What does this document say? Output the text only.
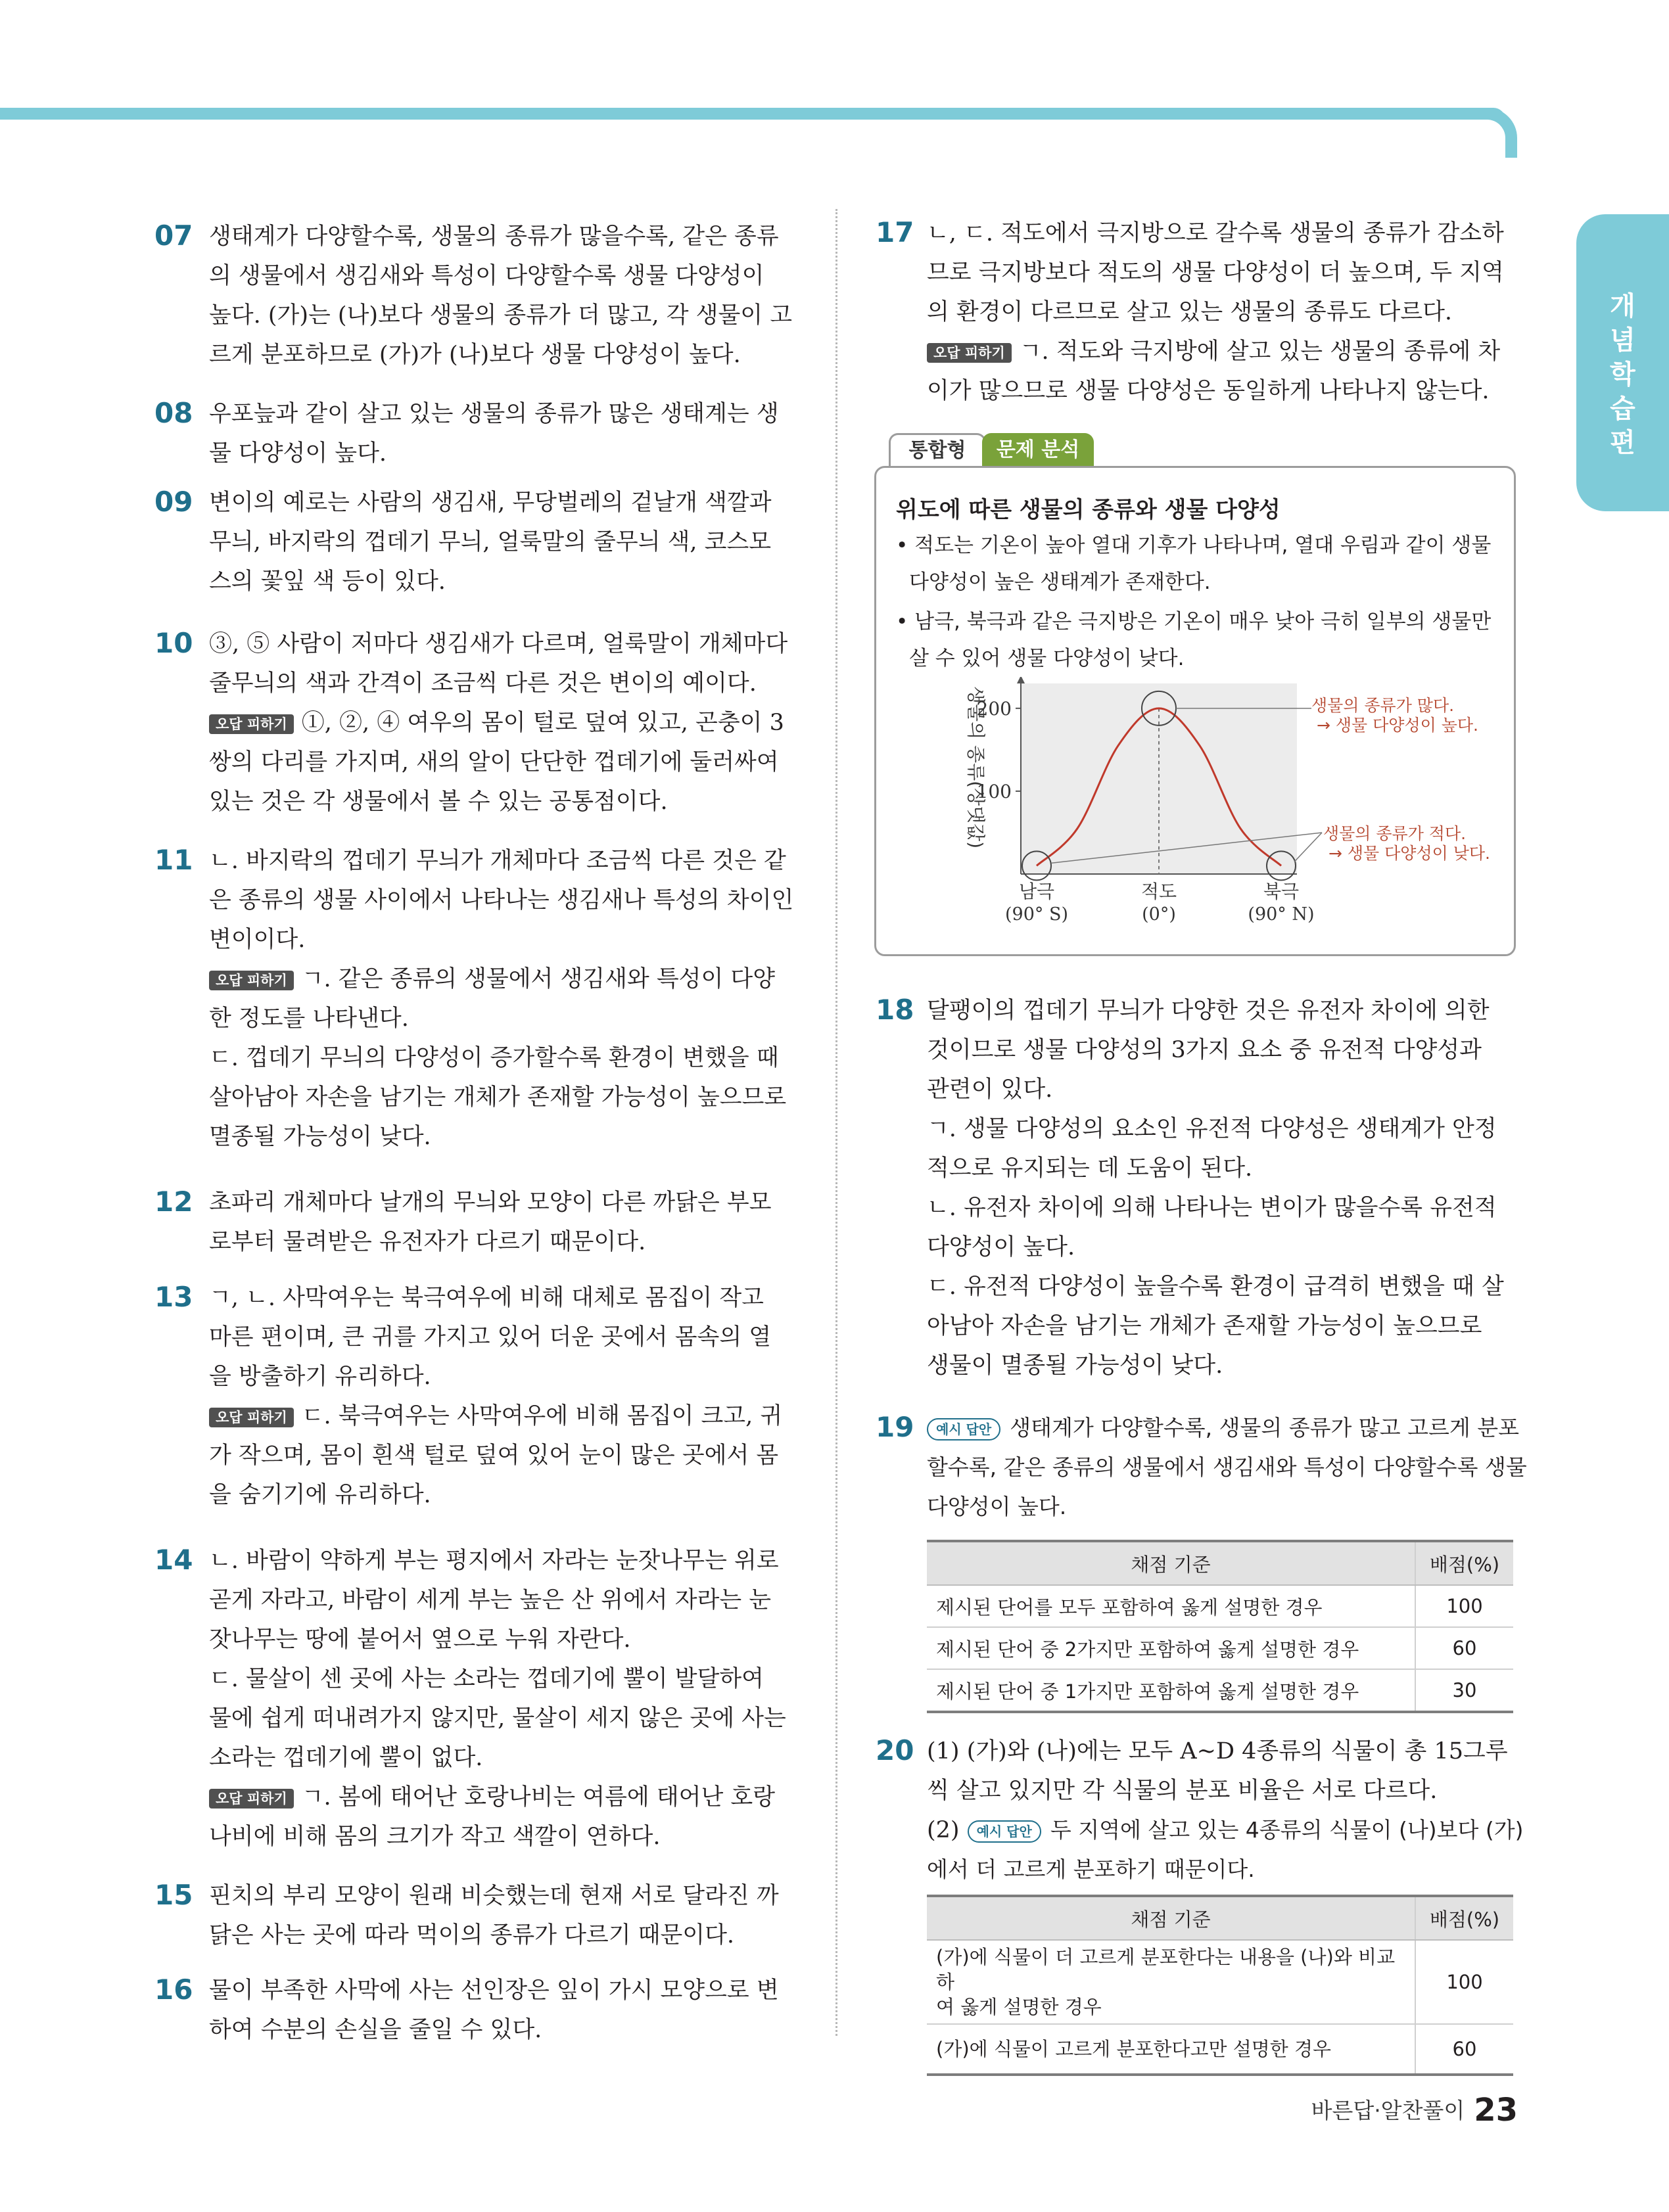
개
념
학
습
편
통합형	문제 분석
위도에 따른 생물의 종류와 생물 다양성
• 적도는 기온이 높아 열대 기후가 나타나며, 열대 우림과 같이 생물
다양성이 높은 생태계가 존재한다.
• 남극, 북극과 같은 극지방은 기온이 매우 낮아 극히 일부의 생물만
살 수 있어 생물 다양성이 낮다.
200
100
생물의 종류(상댓값)	생물의 종류가 많다.
→ 생물 다양성이 높다.
생물의 종류가 적다.
→ 생물 다양성이 낮다.
남극
(90° S)
적도
(0°)
북극
(90° N)
바른답·알찬풀이 23
07 생태계가 다양할수록, 생물의 종류가 많을수록, 같은 종류
의 생물에서 생김새와 특성이 다양할수록 생물 다양성이
높다. (가)는 (나)보다 생물의 종류가 더 많고, 각 생물이 고
르게 분포하므로 (가)가 (나)보다 생물 다양성이 높다.
08 우포늪과 같이 살고 있는 생물의 종류가 많은 생태계는 생
물 다양성이 높다.
09 변이의 예로는 사람의 생김새, 무당벌레의 겉날개 색깔과
무늬, 바지락의 껍데기 무늬, 얼룩말의 줄무늬 색, 코스모
스의 꽃잎 색 등이 있다.
10 ③, ⑤ 사람이 저마다 생김새가 다르며, 얼룩말이 개체마다
줄무늬의 색과 간격이 조금씩 다른 것은 변이의 예이다.
오답 피하기 ①, ②, ④ 여우의 몸이 털로 덮여 있고, 곤충이 3
쌍의 다리를 가지며, 새의 알이 단단한 껍데기에 둘러싸여
있는 것은 각 생물에서 볼 수 있는 공통점이다.
11 ㄴ. 바지락의 껍데기 무늬가 개체마다 조금씩 다른 것은 같
은 종류의 생물 사이에서 나타나는 생김새나 특성의 차이인
변이이다.
오답 피하기 ㄱ. 같은 종류의 생물에서 생김새와 특성이 다양
한 정도를 나타낸다.
ㄷ. 껍데기 무늬의 다양성이 증가할수록 환경이 변했을 때
살아남아 자손을 남기는 개체가 존재할 가능성이 높으므로
멸종될 가능성이 낮다.
12 초파리 개체마다 날개의 무늬와 모양이 다른 까닭은 부모
로부터 물려받은 유전자가 다르기 때문이다.
13 ㄱ, ㄴ. 사막여우는 북극여우에 비해 대체로 몸집이 작고
마른 편이며, 큰 귀를 가지고 있어 더운 곳에서 몸속의 열
을 방출하기 유리하다.
오답 피하기 ㄷ. 북극여우는 사막여우에 비해 몸집이 크고, 귀
가 작으며, 몸이 흰색 털로 덮여 있어 눈이 많은 곳에서 몸
을 숨기기에 유리하다.
14 ㄴ. 바람이 약하게 부는 평지에서 자라는 눈잣나무는 위로
곧게 자라고, 바람이 세게 부는 높은 산 위에서 자라는 눈
잣나무는 땅에 붙어서 옆으로 누워 자란다.
ㄷ. 물살이 센 곳에 사는 소라는 껍데기에 뿔이 발달하여
물에 쉽게 떠내려가지 않지만, 물살이 세지 않은 곳에 사는
소라는 껍데기에 뿔이 없다.
오답 피하기 ㄱ. 봄에 태어난 호랑나비는 여름에 태어난 호랑
나비에 비해 몸의 크기가 작고 색깔이 연하다.
15 핀치의 부리 모양이 원래 비슷했는데 현재 서로 달라진 까
닭은 사는 곳에 따라 먹이의 종류가 다르기 때문이다.
16 물이 부족한 사막에 사는 선인장은 잎이 가시 모양으로 변
하여 수분의 손실을 줄일 수 있다.
17 ㄴ, ㄷ. 적도에서 극지방으로 갈수록 생물의 종류가 감소하
므로 극지방보다 적도의 생물 다양성이 더 높으며, 두 지역
의 환경이 다르므로 살고 있는 생물의 종류도 다르다.
오답 피하기 ㄱ. 적도와 극지방에 살고 있는 생물의 종류에 차
이가 많으므로 생물 다양성은 동일하게 나타나지 않는다.
18 달팽이의 껍데기 무늬가 다양한 것은 유전자 차이에 의한
것이므로 생물 다양성의 3가지 요소 중 유전적 다양성과
관련이 있다.
ㄱ. 생물 다양성의 요소인 유전적 다양성은 생태계가 안정
적으로 유지되는 데 도움이 된다.
ㄴ. 유전자 차이에 의해 나타나는 변이가 많을수록 유전적
다양성이 높다.
ㄷ. 유전적 다양성이 높을수록 환경이 급격히 변했을 때 살
아남아 자손을 남기는 개체가 존재할 가능성이 높으므로
생물이 멸종될 가능성이 낮다.
19	예시 답안 생태계가 다양할수록, 생물의 종류가 많고 고르게 분포
할수록, 같은 종류의 생물에서 생김새와 특성이 다양할수록 생물
다양성이 높다.
채점 기준	배점(%)
제시된 단어를 모두 포함하여 옳게 설명한 경우	100
제시된 단어 중 2가지만 포함하여 옳게 설명한 경우	60
제시된 단어 중 1가지만 포함하여 옳게 설명한 경우	30
20 (1) (가)와 (나)에는 모두 A~D 4종류의 식물이 총 15그루
씩 살고 있지만 각 식물의 분포 비율은 서로 다르다.
(2) 예시 답안 두 지역에 살고 있는 4종류의 식물이 (나)보다 (가)
에서 더 고르게 분포하기 때문이다.
채점 기준	배점(%)

(가)에 식물이 더 고르게 분포한다는 내용을 (나)와 비교하
여 옳게 설명한 경우	100

(가)에 식물이 고르게 분포한다고만 설명한 경우	60
